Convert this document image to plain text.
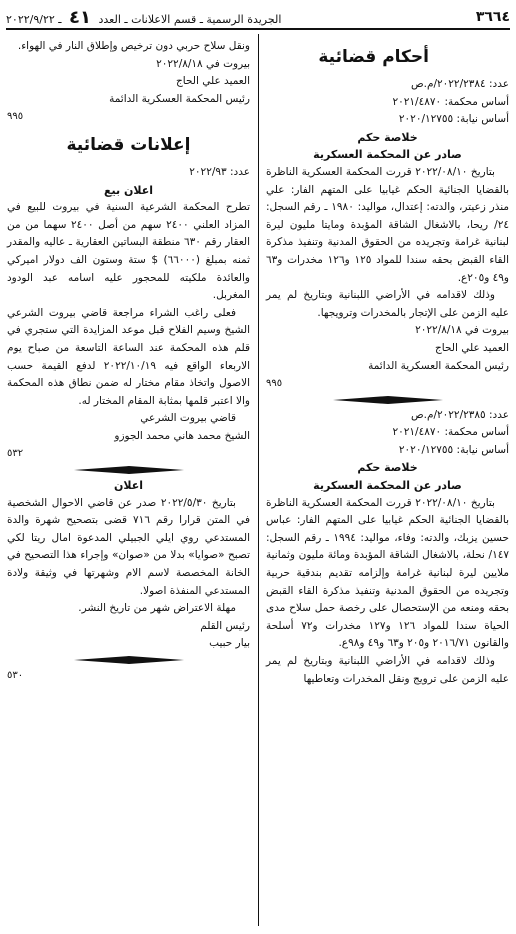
٣٦٦٤
الجريدة الرسمية ـ قسم الاعلانات ـ العدد ٤١ ـ ٢٠٢٢/٩/٢٢
أحكام قضائية

عدد: ٢٠٢٢/٢٣٨٤/م.ص

أساس محكمة: ٢٠٢١/٤٨٧٠

أساس نيابة: ٢٠٢٠/١٢٧٥٥

خلاصة حكم

صادر عن المحكمة العسكرية

بتاريخ ٢٠٢٢/٠٨/١٠ قررت المحكمة العسكرية الناظرة بالقضايا الجنائية الحكم غيابيا على المتهم الفار: علي منذر زعيتر، والدته: إعتدال، مواليد: ١٩٨٠ ـ رقم السجل: ٢٤/ ريحا، بالاشغال الشاقة المؤبدة ومايتا مليون ليرة لبنانية غرامة وتجريده من الحقوق المدنية وتنفيذ مذكرة القاء القبض بحقه سندا للمواد ١٢٥ و١٢٦ مخدرات و٦٣ و٤٩ و٢٠٥ع.

وذلك لاقدامه في الأراضي اللبنانية وبتاريخ لم يمر عليه الزمن على الإتجار بالمخدرات وترويجها.

بيروت في ٢٠٢٢/٨/١٨

العميد علي الحاج

رئيس المحكمة العسكرية الدائمة

٩٩٥

عدد: ٢٠٢٢/٢٣٨٥/م.ص

أساس محكمة: ٢٠٢١/٤٨٧٠

أساس نيابة: ٢٠٢٠/١٢٧٥٥

خلاصة حكم

صادر عن المحكمة العسكرية

بتاريخ ٢٠٢٢/٠٨/١٠ قررت المحكمة العسكرية الناظرة بالقضايا الجنائية الحكم غيابيا على المتهم الفار: عباس حسين يزبك، والدته: وفاء، مواليد: ١٩٩٤ ـ رقم السجل: ١٤٧/ نحلة، بالاشغال الشاقة المؤبدة ومائة مليون وثمانية ملايين ليرة لبنانية غرامة وإلزامه تقديم بندقية حربية وتجريده من الحقوق المدنية وتنفيذ مذكرة القاء القبض بحقه ومنعه من الإستحصال على رخصة حمل سلاح مدى الحياة سندا للمواد ١٢٦ و١٢٧ مخدرات و٧٢ أسلحة والقانون ٢٠١٦/٧١ و٢٠٥ و٦٣ و٤٩ و٩٨ع.

وذلك لاقدامه في الأراضي اللبنانية وبتاريخ لم يمر عليه الزمن على ترويج ونقل المخدرات وتعاطيها

ونقل سلاح حربي دون ترخيص وإطلاق النار في الهواء.

بيروت في ٢٠٢٢/٨/١٨

العميد علي الحاج

رئيس المحكمة العسكرية الدائمة

٩٩٥

إعلانات قضائية

عدد: ٢٠٢٢/٩٣

اعلان بيع

تطرح المحكمة الشرعية السنية في بيروت للبيع في المزاد العلني ٢٤٠٠ سهم من أصل ٢٤٠٠ سهما من من العقار رقم ٦٣٠ منطقة البساتين العقارية ـ عاليه والمقدر ثمنه بمبلغ (٦٦٠٠٠) $ ستة وستون الف دولار اميركي والعائدة ملكيته للمحجور عليه اسامه عبد الودود المغربل.

فعلى راغب الشراء مراجعة قاضي بيروت الشرعي الشيخ وسيم الفلاح قبل موعد المزايدة التي ستجري في قلم هذه المحكمة عند الساعة التاسعة من صباح يوم الاربعاء الواقع فيه ٢٠٢٢/١٠/١٩ لدفع القيمة حسب الاصول واتخاذ مقام مختار له ضمن نطاق هذه المحكمة والا اعتبر قلمها بمثابة المقام المختار له.

قاضي بيروت الشرعي

الشيخ محمد هاني محمد الجوزو

٥٣٢

اعلان

بتاريخ ٢٠٢٢/٥/٣٠ صدر عن قاضي الاحوال الشخصية في المتن قرارا رقم ٧١٦ قضى بتصحيح شهرة والدة المستدعي روي ايلي الجبيلي المدعوة امال ريتا لكي تصبح «صوايا» بدلا من «صوان» وإجراء هذا التصحيح في الخانة المخصصة لاسم الام وشهرتها في وثيقة ولادة المستدعي المنفذة اصولا.

مهلة الاعتراض شهر من تاريخ النشر.

رئيس القلم

بيار حبيب

٥٣٠
